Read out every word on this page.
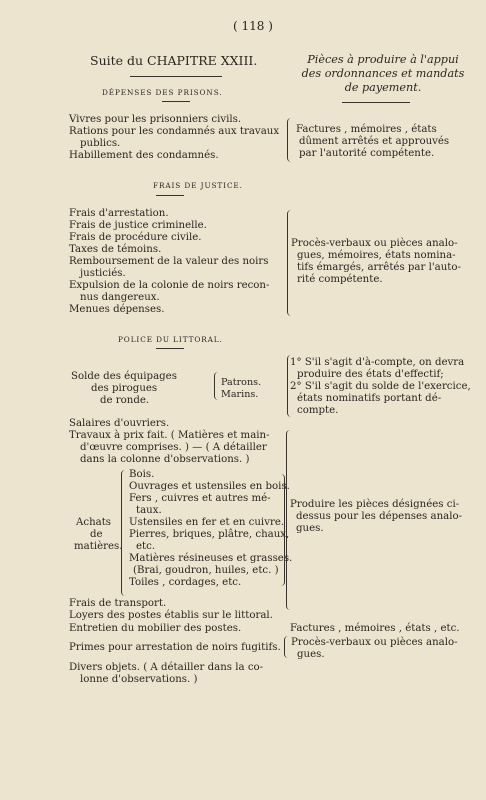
( 118 )
Suite du CHAPITRE XXIII.	Pièces à produire à l'appui des ordonnances et mandats de payement.
DÉPENSES DES PRISONS.
Vivres pour les prisonniers civils.
Rations pour les condamnés aux travaux
publics.
Habillement des condamnés.
Factures , mémoires , états
dûment arrêtés et approuvés
par l'autorité compétente.
FRAIS DE JUSTICE.
Frais d'arrestation.
Frais de justice criminelle.
Frais de procédure civile.
Taxes de témoins.
Remboursement de la valeur des noirs
justiciés.
Expulsion de la colonie de noirs recon-
nus dangereux.
Menues dépenses.
Procès-verbaux ou pièces analo-
gues, mémoires, états nomina-
tifs émargés, arrêtés par l'auto-
rité compétente.
POLICE DU LITTORAL.
Solde des équipages
des pirogues
de ronde.
Patrons.
Marins.
1° S'il s'agit d'à-compte, on devra
produire des états d'effectif;
2° S'il s'agit du solde de l'exercice,
états nominatifs portant dé-
compte.
Salaires d'ouvriers.
Travaux à prix fait. ( Matières et main-
d'œuvre comprises. ) — ( A détailler
dans la colonne d'observations. )
Achats
de
matières.
Bois.
Ouvrages et ustensiles en bois.
Fers , cuivres et autres mé-
taux.
Ustensiles en fer et en cuivre.
Pierres, briques, plâtre, chaux,
etc.
Matières résineuses et grasses.
(Brai, goudron, huiles, etc. )
Toiles , cordages, etc.
Produire les pièces désignées ci-
dessus pour les dépenses analo-
gues.
Frais de transport.
Loyers des postes établis sur le littoral.
Entretien du mobilier des postes.	Factures , mémoires , états , etc.
Primes pour arrestation de noirs fugitifs. Procès-verbaux ou pièces analo-
gues.
Divers objets. ( A détailler dans la co-
lonne d'observations. )
